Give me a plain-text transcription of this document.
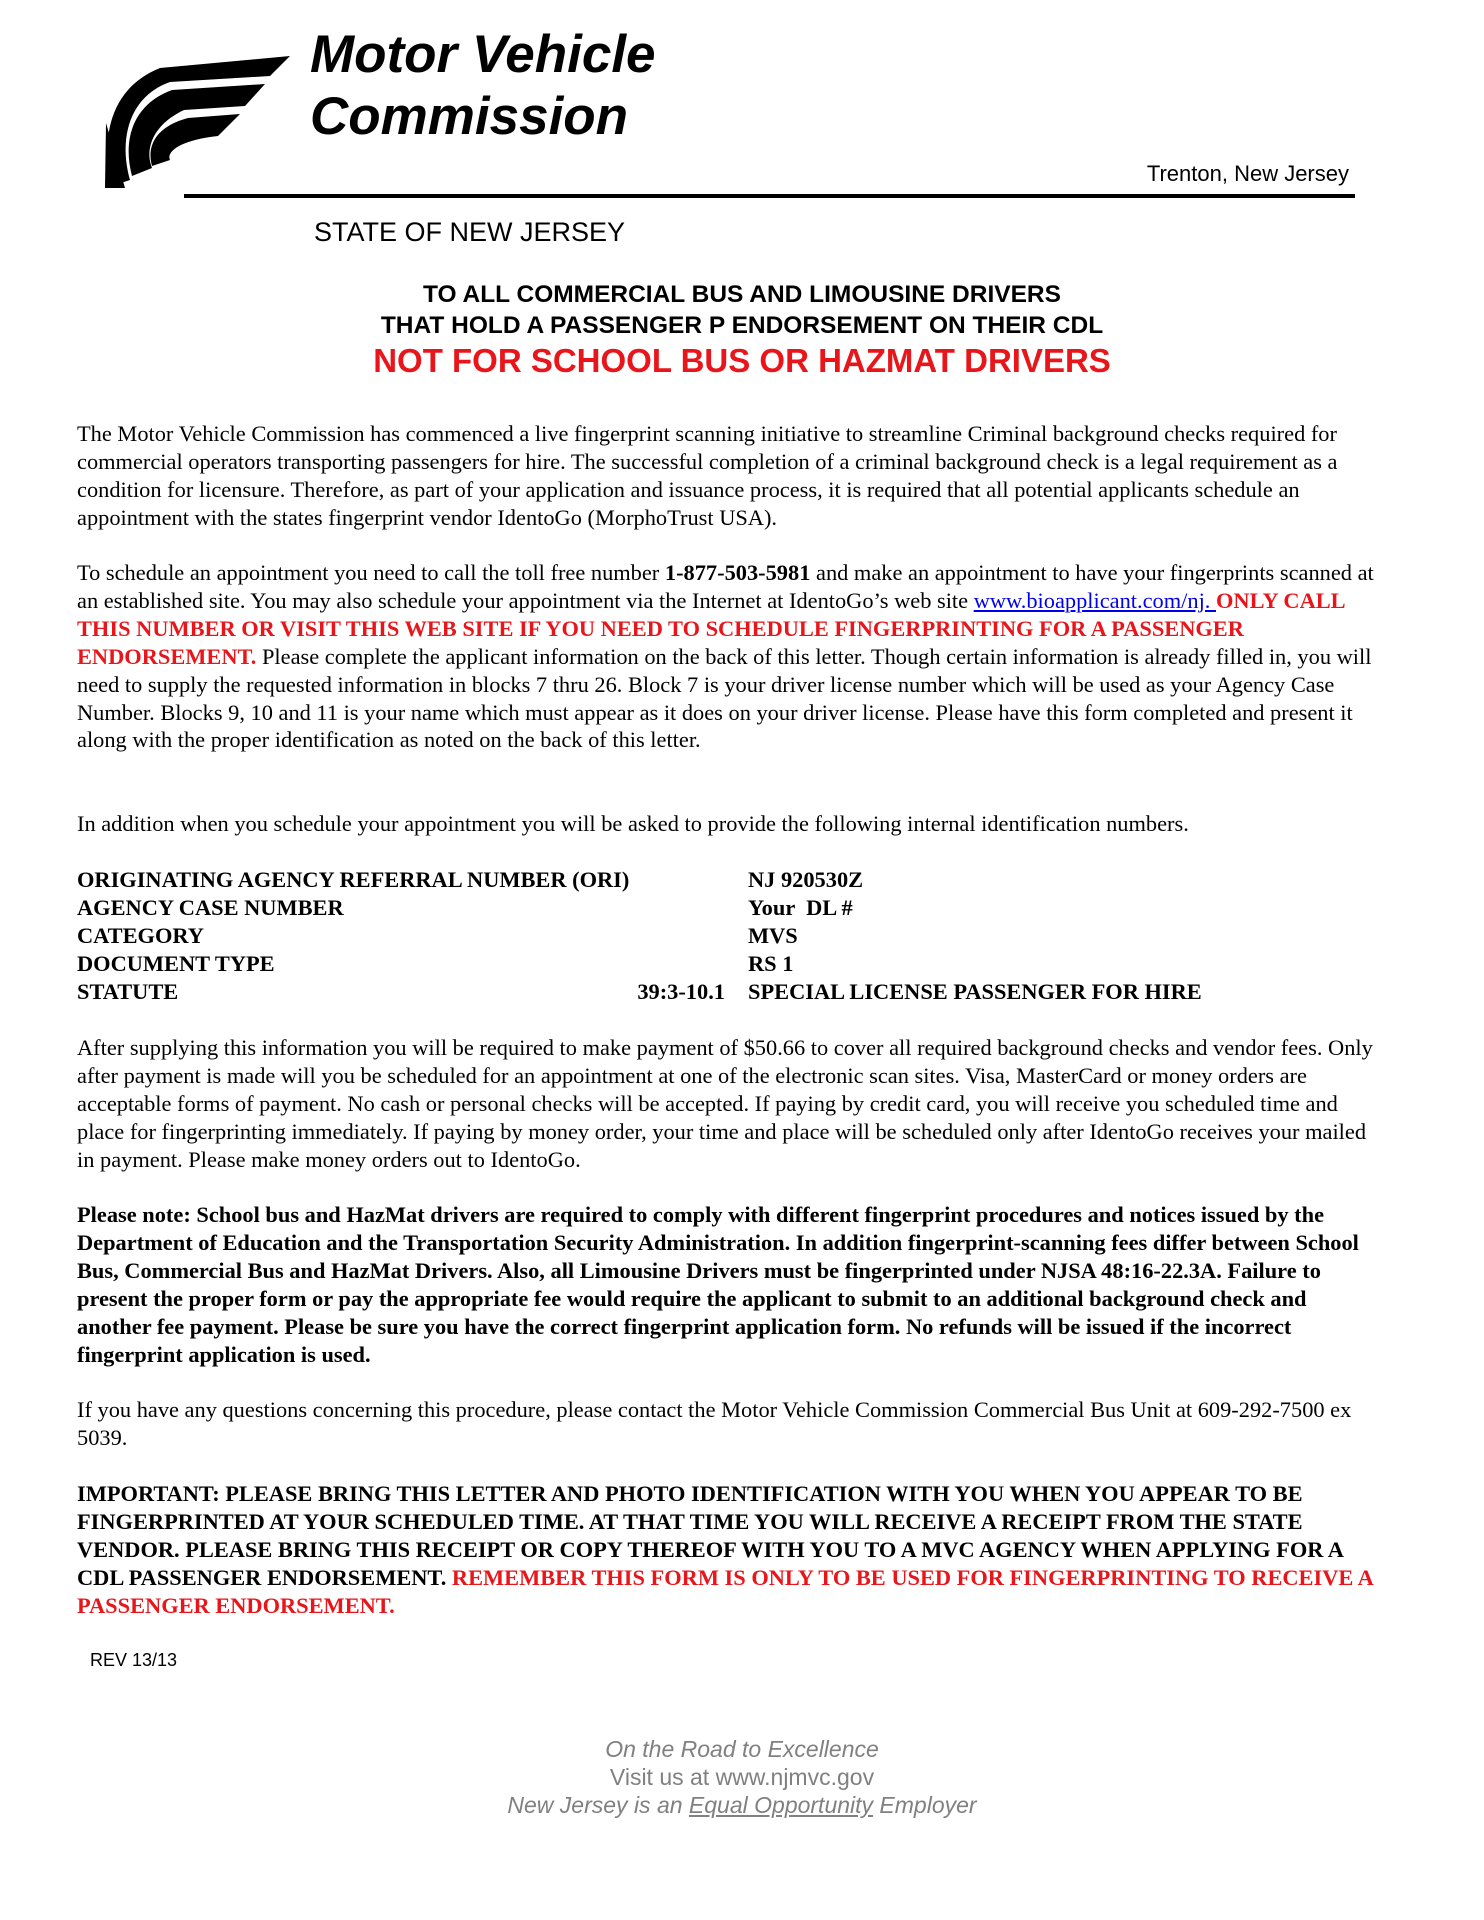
Motor Vehicle
Commission
Trenton, New Jersey
STATE OF NEW JERSEY
TO ALL COMMERCIAL BUS AND LIMOUSINE DRIVERS
THAT HOLD A PASSENGER P ENDORSEMENT ON THEIR CDL
NOT FOR SCHOOL BUS OR HAZMAT DRIVERS
The Motor Vehicle Commission has commenced a live fingerprint scanning initiative to streamline Criminal background checks required for commercial operators transporting passengers for hire. The successful completion of a criminal background check is a legal requirement as a condition for licensure. Therefore, as part of your application and issuance process, it is required that all potential applicants schedule an appointment with the states fingerprint vendor IdentoGo (MorphoTrust USA).
To schedule an appointment you need to call the toll free number 1-877-503-5981 and make an appointment to have your fingerprints scanned at an established site. You may also schedule your appointment via the Internet at IdentoGo’s web site www.bioapplicant.com/nj. ONLY CALL THIS NUMBER OR VISIT THIS WEB SITE IF YOU NEED TO SCHEDULE FINGERPRINTING FOR A PASSENGER ENDORSEMENT. Please complete the applicant information on the back of this letter. Though certain information is already filled in, you will need to supply the requested information in blocks 7 thru 26. Block 7 is your driver license number which will be used as your Agency Case Number. Blocks 9, 10 and 11 is your name which must appear as it does on your driver license. Please have this form completed and present it along with the proper identification as noted on the back of this letter.
In addition when you schedule your appointment you will be asked to provide the following internal identification numbers.
ORIGINATING AGENCY REFERRAL NUMBER (ORI)	NJ 920530Z
AGENCY CASE NUMBER	Your  DL #
CATEGORY	MVS
DOCUMENT TYPE	RS 1
STATUTE	39:3-10.1 SPECIAL LICENSE PASSENGER FOR HIRE
After supplying this information you will be required to make payment of $50.66 to cover all required background checks and vendor fees. Only after payment is made will you be scheduled for an appointment at one of the electronic scan sites. Visa, MasterCard or money orders are acceptable forms of payment. No cash or personal checks will be accepted. If paying by credit card, you will receive you scheduled time and place for fingerprinting immediately. If paying by money order, your time and place will be scheduled only after IdentoGo receives your mailed in payment. Please make money orders out to IdentoGo.
Please note: School bus and HazMat drivers are required to comply with different fingerprint procedures and notices issued by the Department of Education and the Transportation Security Administration. In addition fingerprint-scanning fees differ between School Bus, Commercial Bus and HazMat Drivers. Also, all Limousine Drivers must be fingerprinted under NJSA 48:16-22.3A. Failure to present the proper form or pay the appropriate fee would require the applicant to submit to an additional background check and another fee payment. Please be sure you have the correct fingerprint application form. No refunds will be issued if the incorrect fingerprint application is used.
If you have any questions concerning this procedure, please contact the Motor Vehicle Commission Commercial Bus Unit at 609-292-7500 ex 5039.
IMPORTANT: PLEASE BRING THIS LETTER AND PHOTO IDENTIFICATION WITH YOU WHEN YOU APPEAR TO BE FINGERPRINTED AT YOUR SCHEDULED TIME. AT THAT TIME YOU WILL RECEIVE A RECEIPT FROM THE STATE VENDOR. PLEASE BRING THIS RECEIPT OR COPY THEREOF WITH YOU TO A MVC AGENCY WHEN APPLYING FOR A CDL PASSENGER ENDORSEMENT. REMEMBER THIS FORM IS ONLY TO BE USED FOR FINGERPRINTING TO RECEIVE A PASSENGER ENDORSEMENT.
REV 13/13
On the Road to Excellence
Visit us at www.njmvc.gov
New Jersey is an Equal Opportunity Employer
